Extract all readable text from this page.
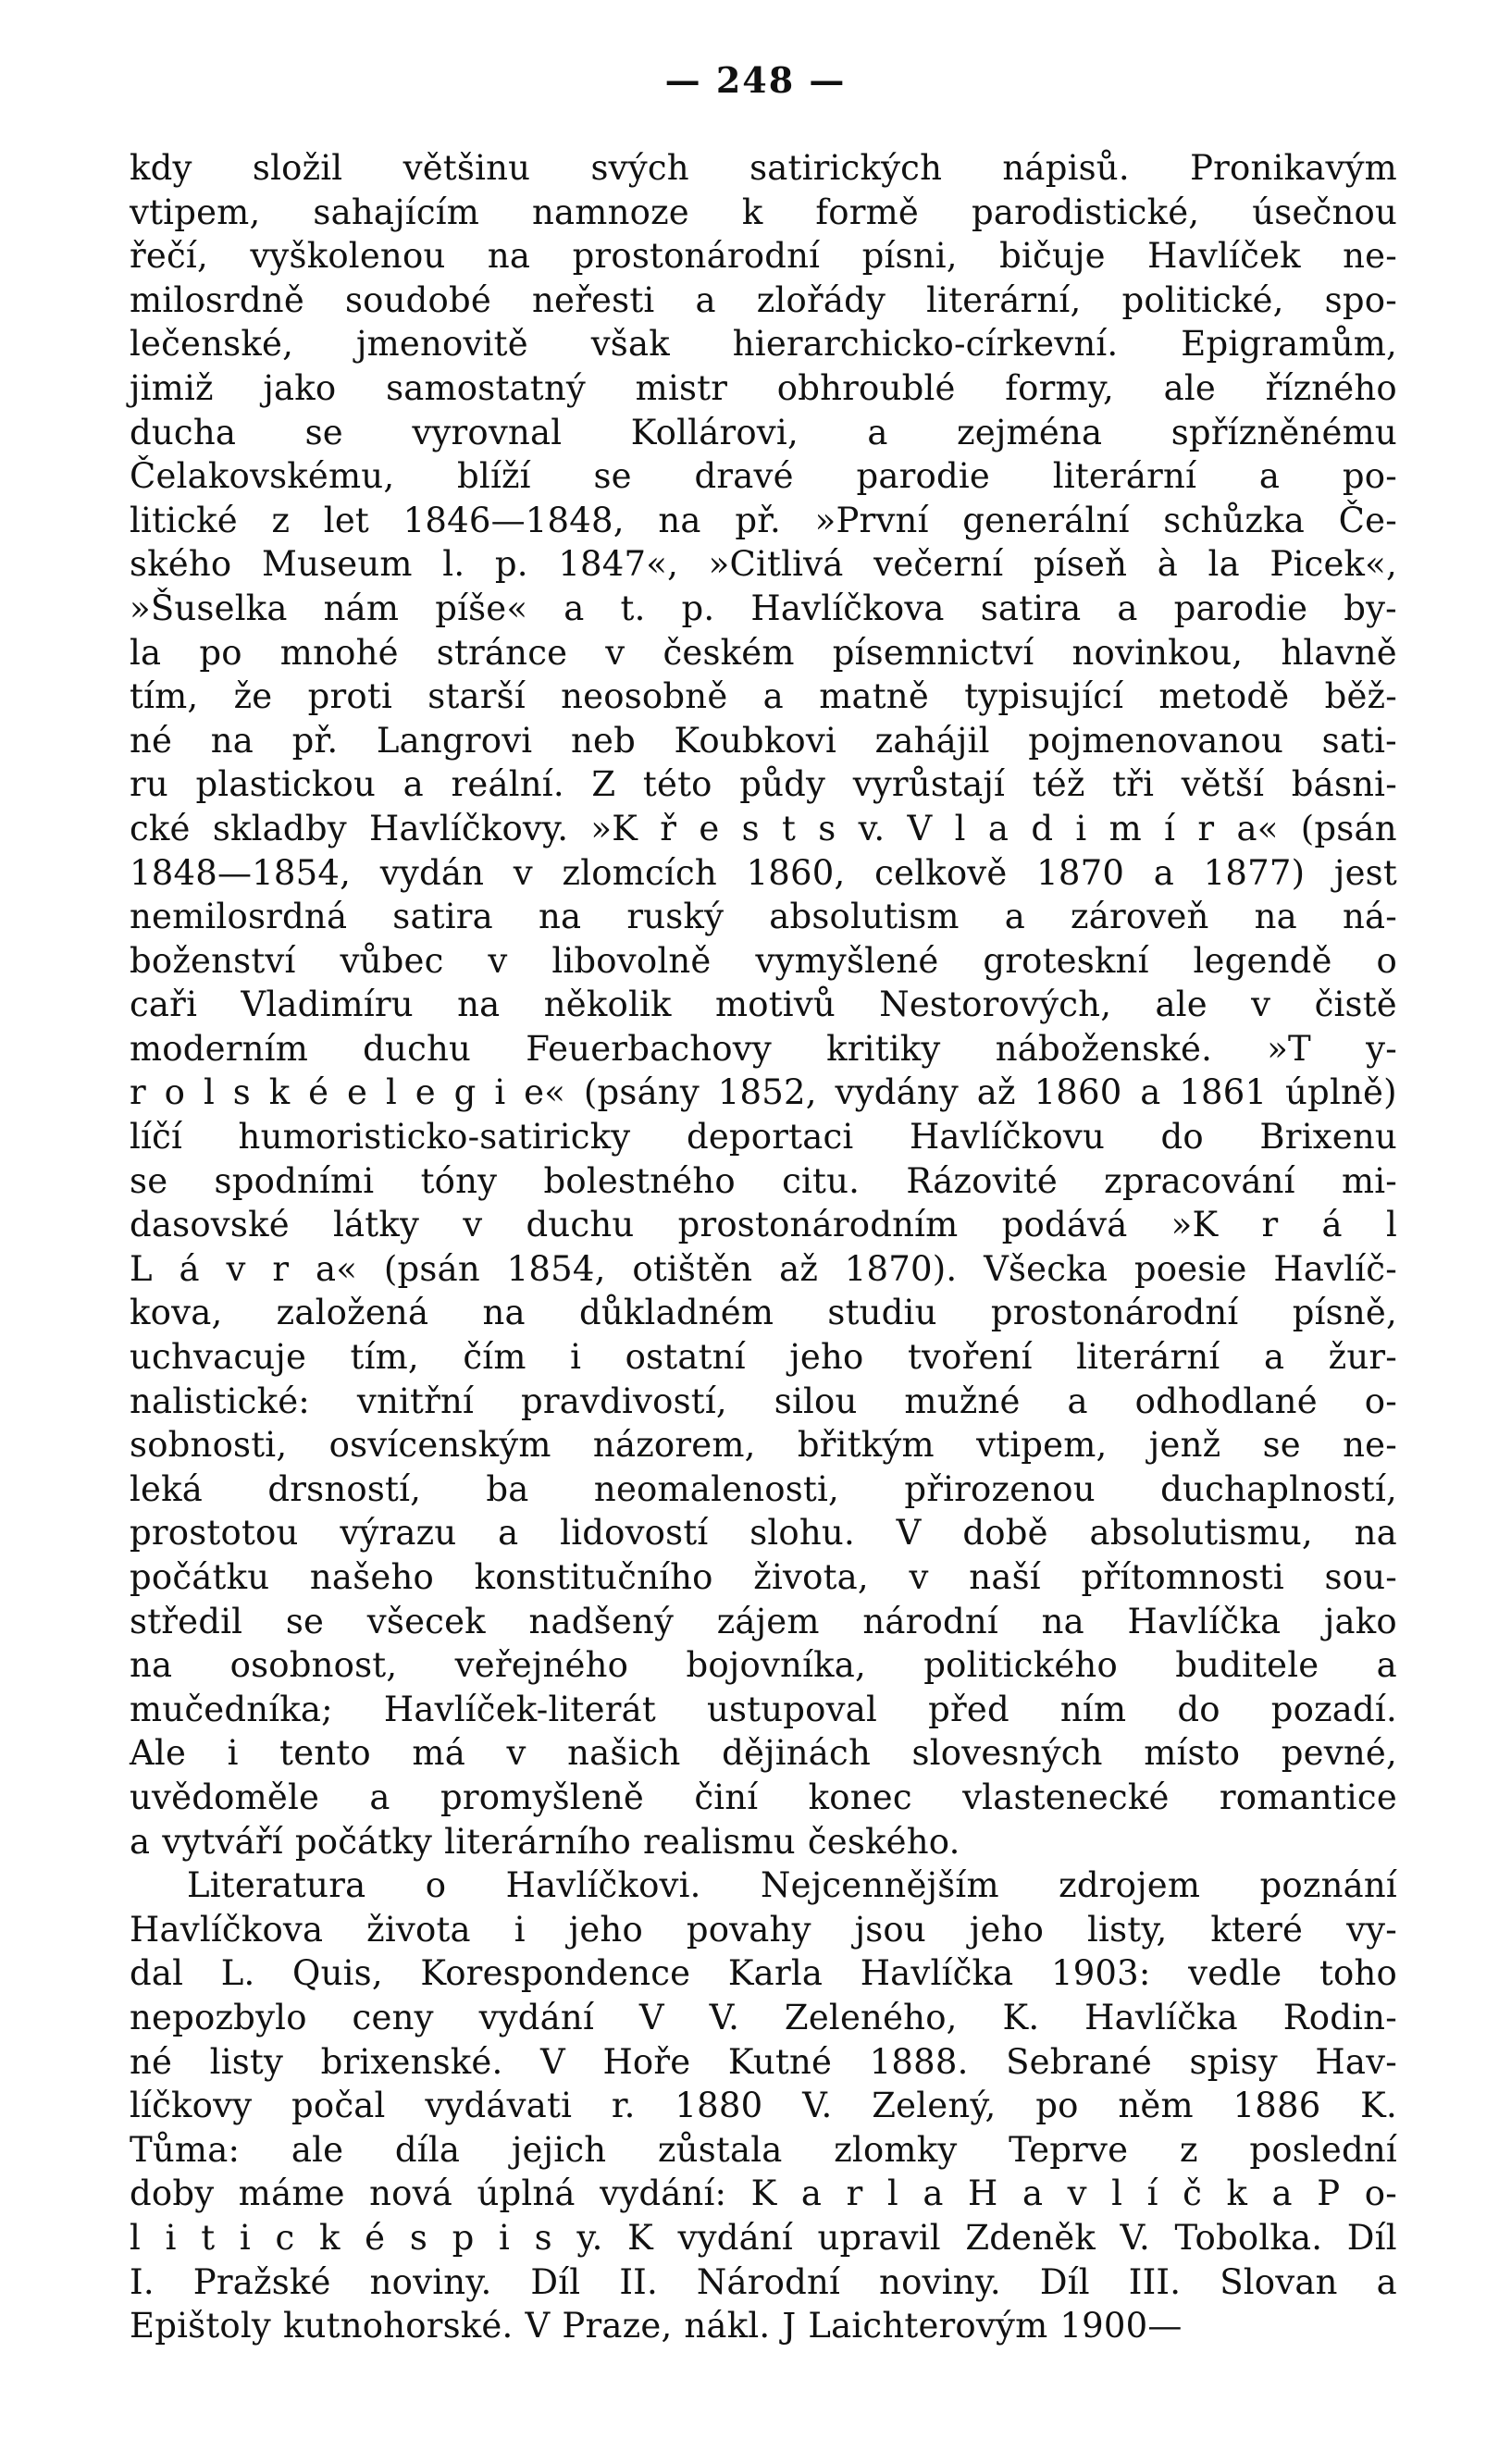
— 248 —
kdy složil většinu svých satirických nápisů. Pronikavým
vtipem, sahajícím namnoze k formě parodistické, úsečnou
řečí, vyškolenou na prostonárodní písni, bičuje Havlíček ne-
milosrdně soudobé neřesti a zlořády literární, politické, spo-
lečenské, jmenovitě však hierarchicko-církevní. Epigramům,
jimiž jako samostatný mistr obhroublé formy, ale řízného
ducha se vyrovnal Kollárovi, a zejména spřízněnému
Čelakovskému, blíží se dravé parodie literární a po-
litické z let 1846—1848, na př. »První generální schůzka Če-
ského Museum l. p. 1847«, »Citlivá večerní píseň à la Picek«,
»Šuselka nám píše« a t. p. Havlíčkova satira a parodie by-
la po mnohé stránce v českém písemnictví novinkou, hlavně
tím, že proti starší neosobně a matně typisující metodě běž-
né na př. Langrovi neb Koubkovi zahájil pojmenovanou sati-
ru plastickou a reální. Z této půdy vyrůstají též tři větší básni-
cké skladby Havlíčkovy. »K ř e s t s v. V l a d i m í r a« (psán
1848—1854, vydán v zlomcích 1860, celkově 1870 a 1877) jest
nemilosrdná satira na ruský absolutism a zároveň na ná-
boženství vůbec v libovolně vymyšlené groteskní legendě o
caři Vladimíru na několik motivů Nestorových, ale v čistě
moderním duchu Feuerbachovy kritiky náboženské. »T y-
r o l s k é e l e g i e« (psány 1852, vydány až 1860 a 1861 úplně)
líčí humoristicko-satiricky deportaci Havlíčkovu do Brixenu
se spodními tóny bolestného citu. Rázovité zpracování mi-
dasovské látky v duchu prostonárodním podává »K r á l
L á v r a« (psán 1854, otištěn až 1870). Všecka poesie Havlíč-
kova, založená na důkladném studiu prostonárodní písně,
uchvacuje tím, čím i ostatní jeho tvoření literární a žur-
nalistické: vnitřní pravdivostí, silou mužné a odhodlané o-
sobnosti, osvícenským názorem, břitkým vtipem, jenž se ne-
leká drsností, ba neomalenosti, přirozenou duchaplností,
prostotou výrazu a lidovostí slohu. V době absolutismu, na
počátku našeho konstitučního života, v naší přítomnosti sou-
středil se všecek nadšený zájem národní na Havlíčka jako
na osobnost, veřejného bojovníka, politického buditele a
mučedníka; Havlíček-literát ustupoval před ním do pozadí.
Ale i tento má v našich dějinách slovesných místo pevné,
uvědoměle a promyšleně činí konec vlastenecké romantice
a vytváří počátky literárního realismu českého.
Literatura o Havlíčkovi. Nejcennějším zdrojem poznání
Havlíčkova života i jeho povahy jsou jeho listy, které vy-
dal L. Quis, Korespondence Karla Havlíčka 1903: vedle toho
nepozbylo ceny vydání V V. Zeleného, K. Havlíčka Rodin-
né listy brixenské. V Hoře Kutné 1888. Sebrané spisy Hav-
líčkovy počal vydávati r. 1880 V. Zelený, po něm 1886 K.
Tůma: ale díla jejich zůstala zlomky Teprve z poslední
doby máme nová úplná vydání: K a r l a H a v l í č k a P o-
l i t i c k é s p i s y. K vydání upravil Zdeněk V. Tobolka. Díl
I. Pražské noviny. Díl II. Národní noviny. Díl III. Slovan a
Epištoly kutnohorské. V Praze, nákl. J Laichterovým 1900—
